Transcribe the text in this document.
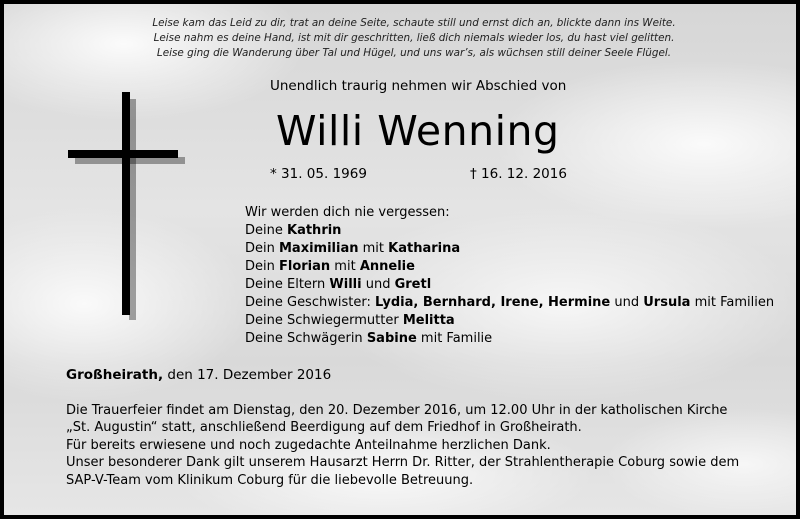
Leise kam das Leid zu dir, trat an deine Seite, schaute still und ernst dich an, blickte dann ins Weite.
Leise nahm es deine Hand, ist mit dir geschritten, ließ dich niemals wieder los, du hast viel gelitten.
Leise ging die Wanderung über Tal und Hügel, und uns war’s, als wüchsen still deiner Seele Flügel.
Unendlich traurig nehmen wir Abschied von
Willi Wenning
* 31. 05. 1969	† 16. 12. 2016
Wir werden dich nie vergessen:
Deine Kathrin
Dein Maximilian mit Katharina
Dein Florian mit Annelie
Deine Eltern Willi und Gretl
Deine Geschwister: Lydia, Bernhard, Irene, Hermine und Ursula mit Familien
Deine Schwiegermutter Melitta
Deine Schwägerin Sabine mit Familie
Großheirath, den 17. Dezember 2016
Die Trauerfeier findet am Dienstag, den 20. Dezember 2016, um 12.00 Uhr in der katholischen Kirche
„St. Augustin“ statt, anschließend Beerdigung auf dem Friedhof in Großheirath.
Für bereits erwiesene und noch zugedachte Anteilnahme herzlichen Dank.
Unser besonderer Dank gilt unserem Hausarzt Herrn Dr. Ritter, der Strahlentherapie Coburg sowie dem
SAP-V-Team vom Klinikum Coburg für die liebevolle Betreuung.
